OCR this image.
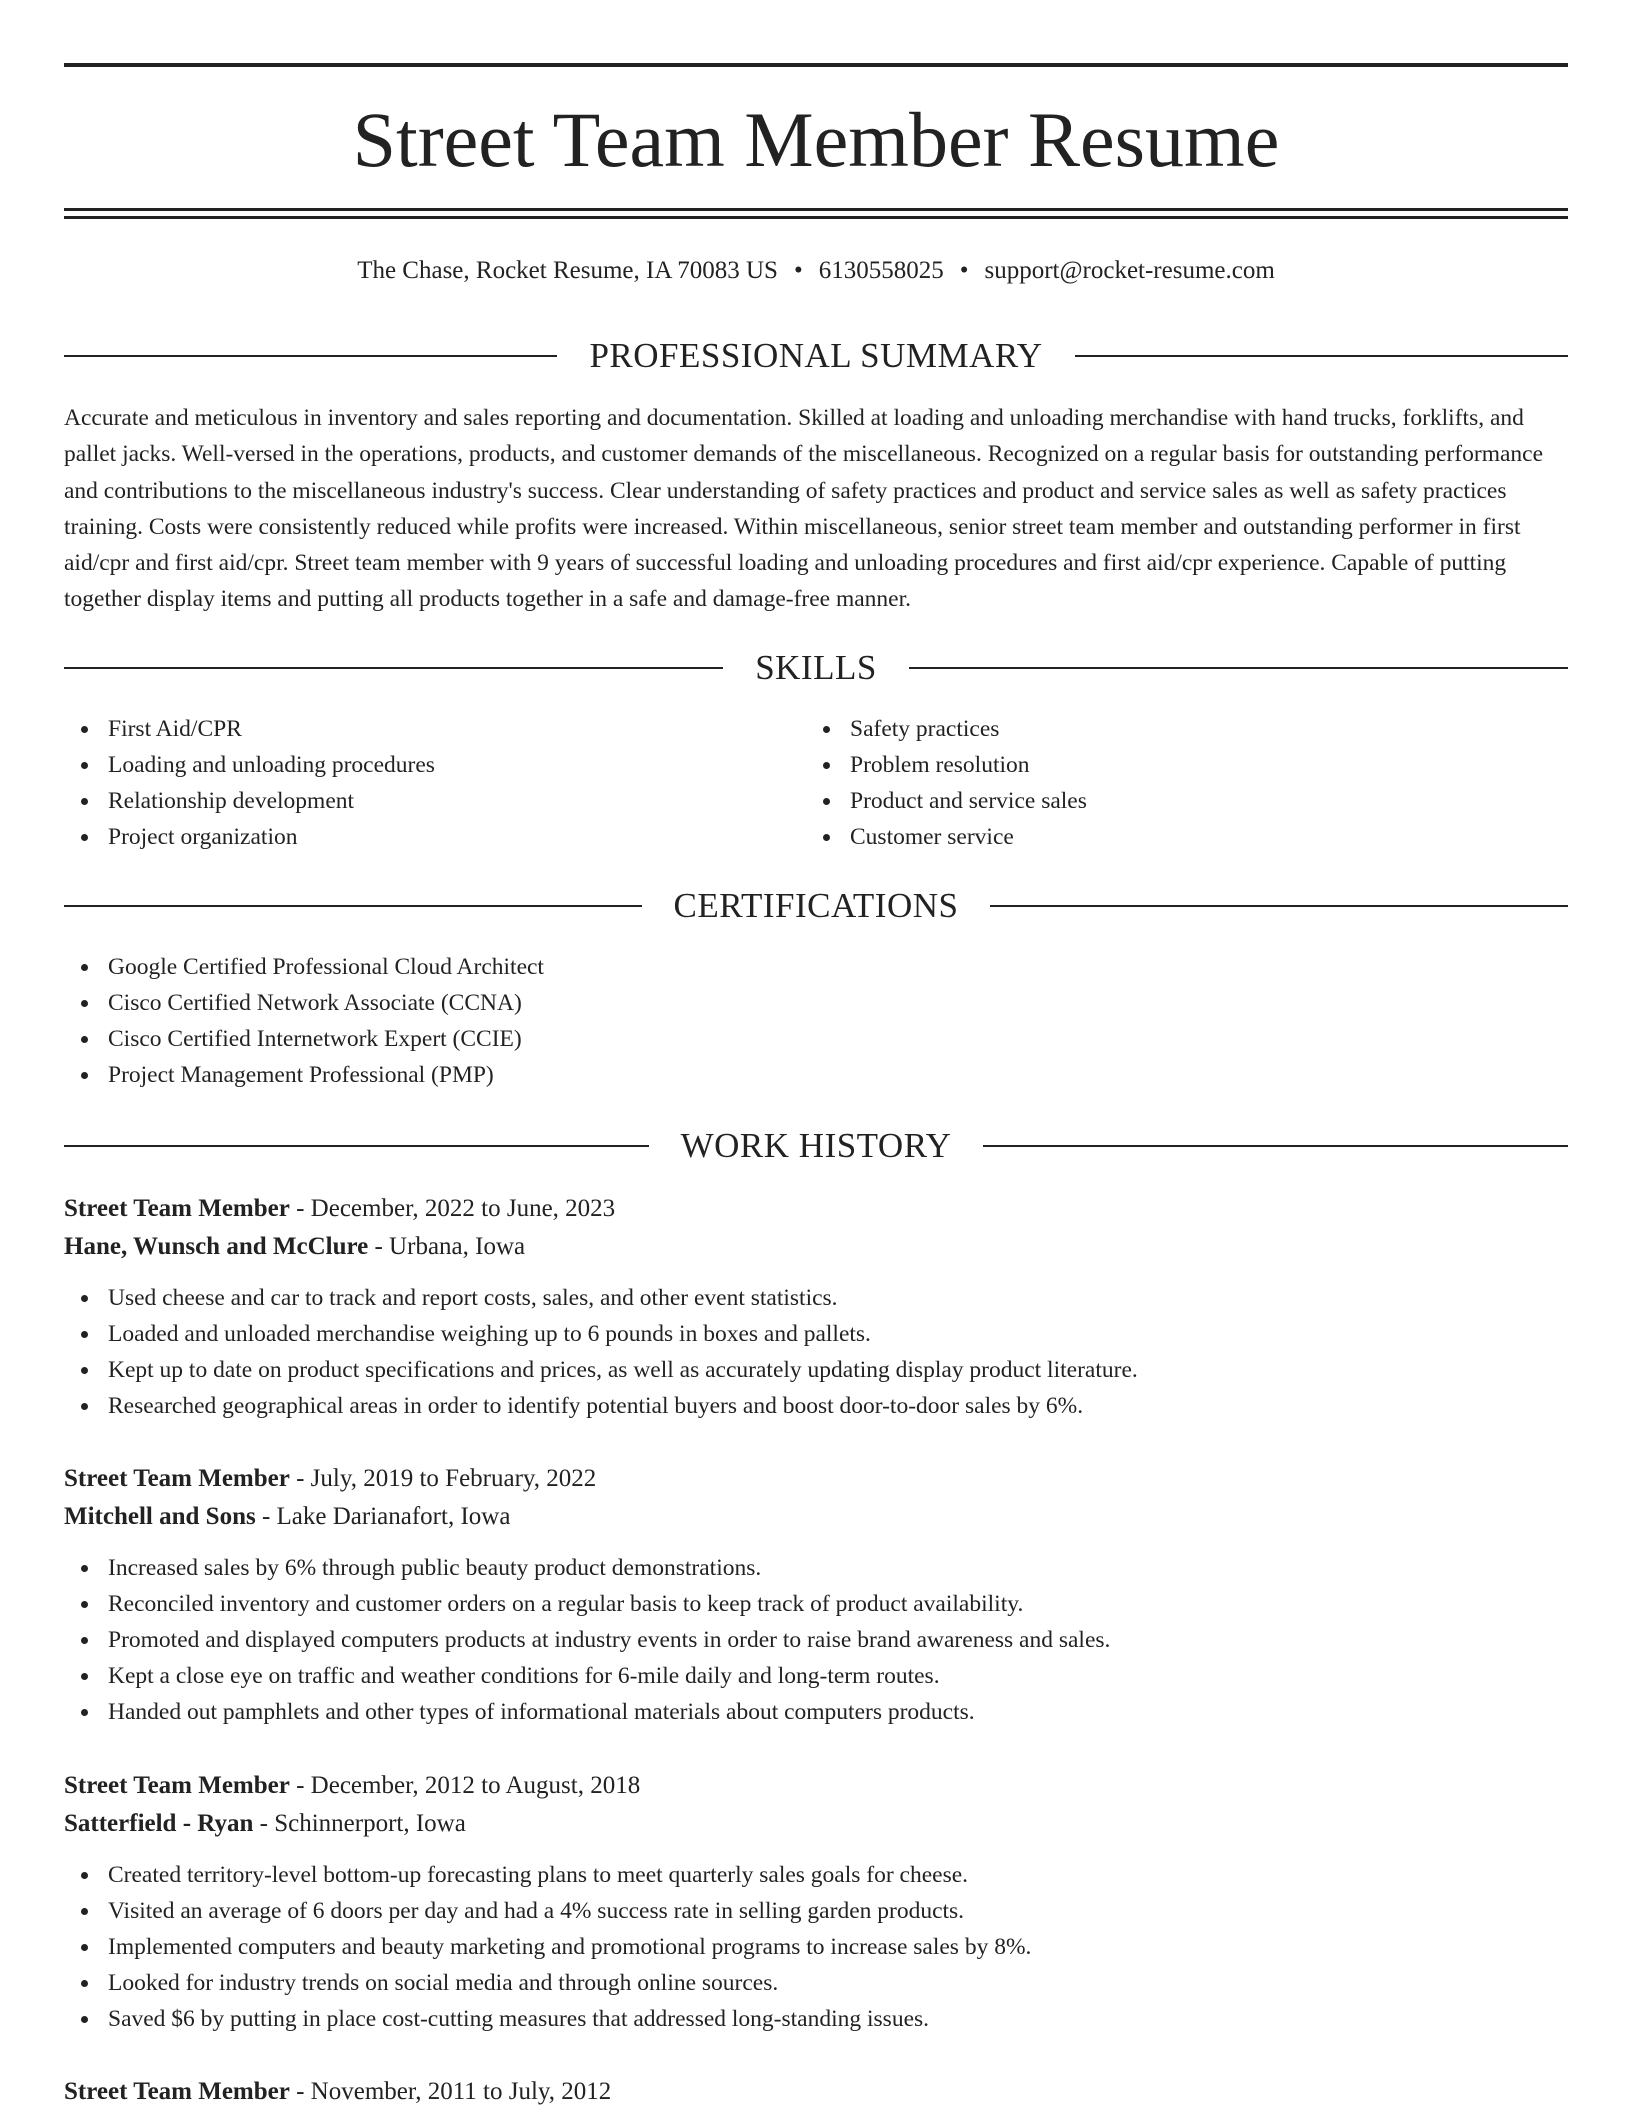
Street Team Member Resume
The Chase, Rocket Resume, IA 70083 US • 6130558025 • support@rocket-resume.com
PROFESSIONAL SUMMARY

Accurate and meticulous in inventory and sales reporting and documentation. Skilled at loading and unloading merchandise with hand trucks, forklifts, and pallet jacks. Well-versed in the operations, products, and customer demands of the miscellaneous. Recognized on a regular basis for outstanding performance and contributions to the miscellaneous industry's success. Clear understanding of safety practices and product and service sales as well as safety practices training. Costs were consistently reduced while profits were increased. Within miscellaneous, senior street team member and outstanding performer in first aid/cpr and first aid/cpr. Street team member with 9 years of successful loading and unloading procedures and first aid/cpr experience. Capable of putting together display items and putting all products together in a safe and damage-free manner.

SKILLS
First Aid/CPR
Loading and unloading procedures
Relationship development
Project organization
Safety practices
Problem resolution
Product and service sales
Customer service
CERTIFICATIONS
Google Certified Professional Cloud Architect
Cisco Certified Network Associate (CCNA)
Cisco Certified Internetwork Expert (CCIE)
Project Management Professional (PMP)
WORK HISTORY
Street Team Member - December, 2022 to June, 2023
Hane, Wunsch and McClure - Urbana, Iowa
Used cheese and car to track and report costs, sales, and other event statistics.
Loaded and unloaded merchandise weighing up to 6 pounds in boxes and pallets.
Kept up to date on product specifications and prices, as well as accurately updating display product literature.
Researched geographical areas in order to identify potential buyers and boost door-to-door sales by 6%.
Street Team Member - July, 2019 to February, 2022
Mitchell and Sons - Lake Darianafort, Iowa
Increased sales by 6% through public beauty product demonstrations.
Reconciled inventory and customer orders on a regular basis to keep track of product availability.
Promoted and displayed computers products at industry events in order to raise brand awareness and sales.
Kept a close eye on traffic and weather conditions for 6-mile daily and long-term routes.
Handed out pamphlets and other types of informational materials about computers products.
Street Team Member - December, 2012 to August, 2018
Satterfield - Ryan - Schinnerport, Iowa
Created territory-level bottom-up forecasting plans to meet quarterly sales goals for cheese.
Visited an average of 6 doors per day and had a 4% success rate in selling garden products.
Implemented computers and beauty marketing and promotional programs to increase sales by 8%.
Looked for industry trends on social media and through online sources.
Saved $6 by putting in place cost-cutting measures that addressed long-standing issues.
Street Team Member - November, 2011 to July, 2012
